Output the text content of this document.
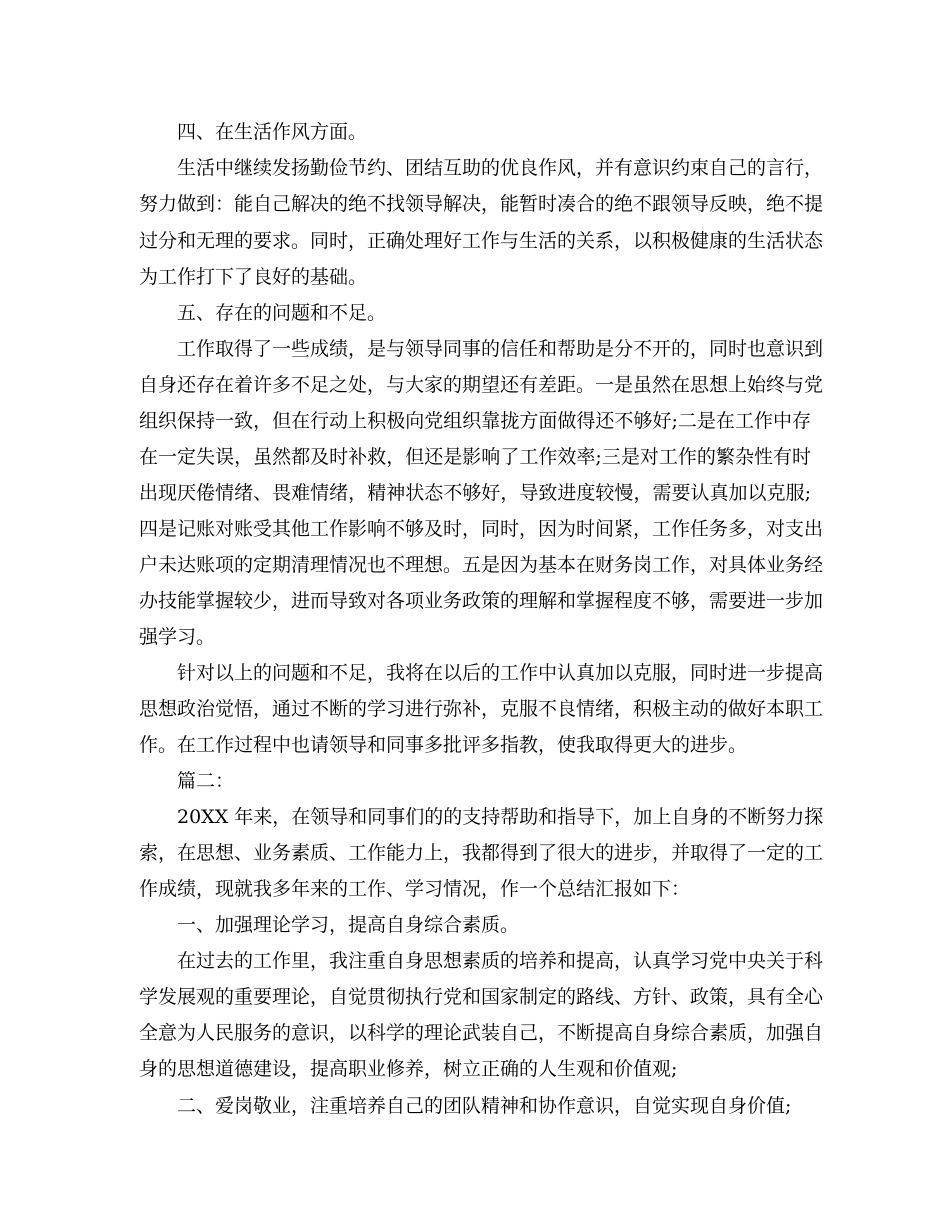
四、在生活作风方面。

生活中继续发扬勤俭节约、团结互助的优良作风，并有意识约束自己的言行，

努力做到：能自己解决的绝不找领导解决，能暂时凑合的绝不跟领导反映，绝不提

过分和无理的要求。同时，正确处理好工作与生活的关系，以积极健康的生活状态

为工作打下了良好的基础。

五、存在的问题和不足。

工作取得了一些成绩，是与领导同事的信任和帮助是分不开的，同时也意识到

自身还存在着许多不足之处，与大家的期望还有差距。一是虽然在思想上始终与党

组织保持一致，但在行动上积极向党组织靠拢方面做得还不够好;二是在工作中存

在一定失误，虽然都及时补救，但还是影响了工作效率;三是对工作的繁杂性有时

出现厌倦情绪、畏难情绪，精神状态不够好，导致进度较慢，需要认真加以克服;

四是记账对账受其他工作影响不够及时，同时，因为时间紧，工作任务多，对支出

户未达账项的定期清理情况也不理想。五是因为基本在财务岗工作，对具体业务经

办技能掌握较少，进而导致对各项业务政策的理解和掌握程度不够，需要进一步加

强学习。

针对以上的问题和不足，我将在以后的工作中认真加以克服，同时进一步提高

思想政治觉悟，通过不断的学习进行弥补，克服不良情绪，积极主动的做好本职工

作。在工作过程中也请领导和同事多批评多指教，使我取得更大的进步。

篇二：

20XX 年来，在领导和同事们的的支持帮助和指导下，加上自身的不断努力探

索，在思想、业务素质、工作能力上，我都得到了很大的进步，并取得了一定的工

作成绩，现就我多年来的工作、学习情况，作一个总结汇报如下：

一、加强理论学习，提高自身综合素质。

在过去的工作里，我注重自身思想素质的培养和提高，认真学习党中央关于科

学发展观的重要理论，自觉贯彻执行党和国家制定的路线、方针、政策，具有全心

全意为人民服务的意识，以科学的理论武装自己，不断提高自身综合素质，加强自

身的思想道德建设，提高职业修养，树立正确的人生观和价值观;

二、爱岗敬业，注重培养自己的团队精神和协作意识，自觉实现自身价值;
